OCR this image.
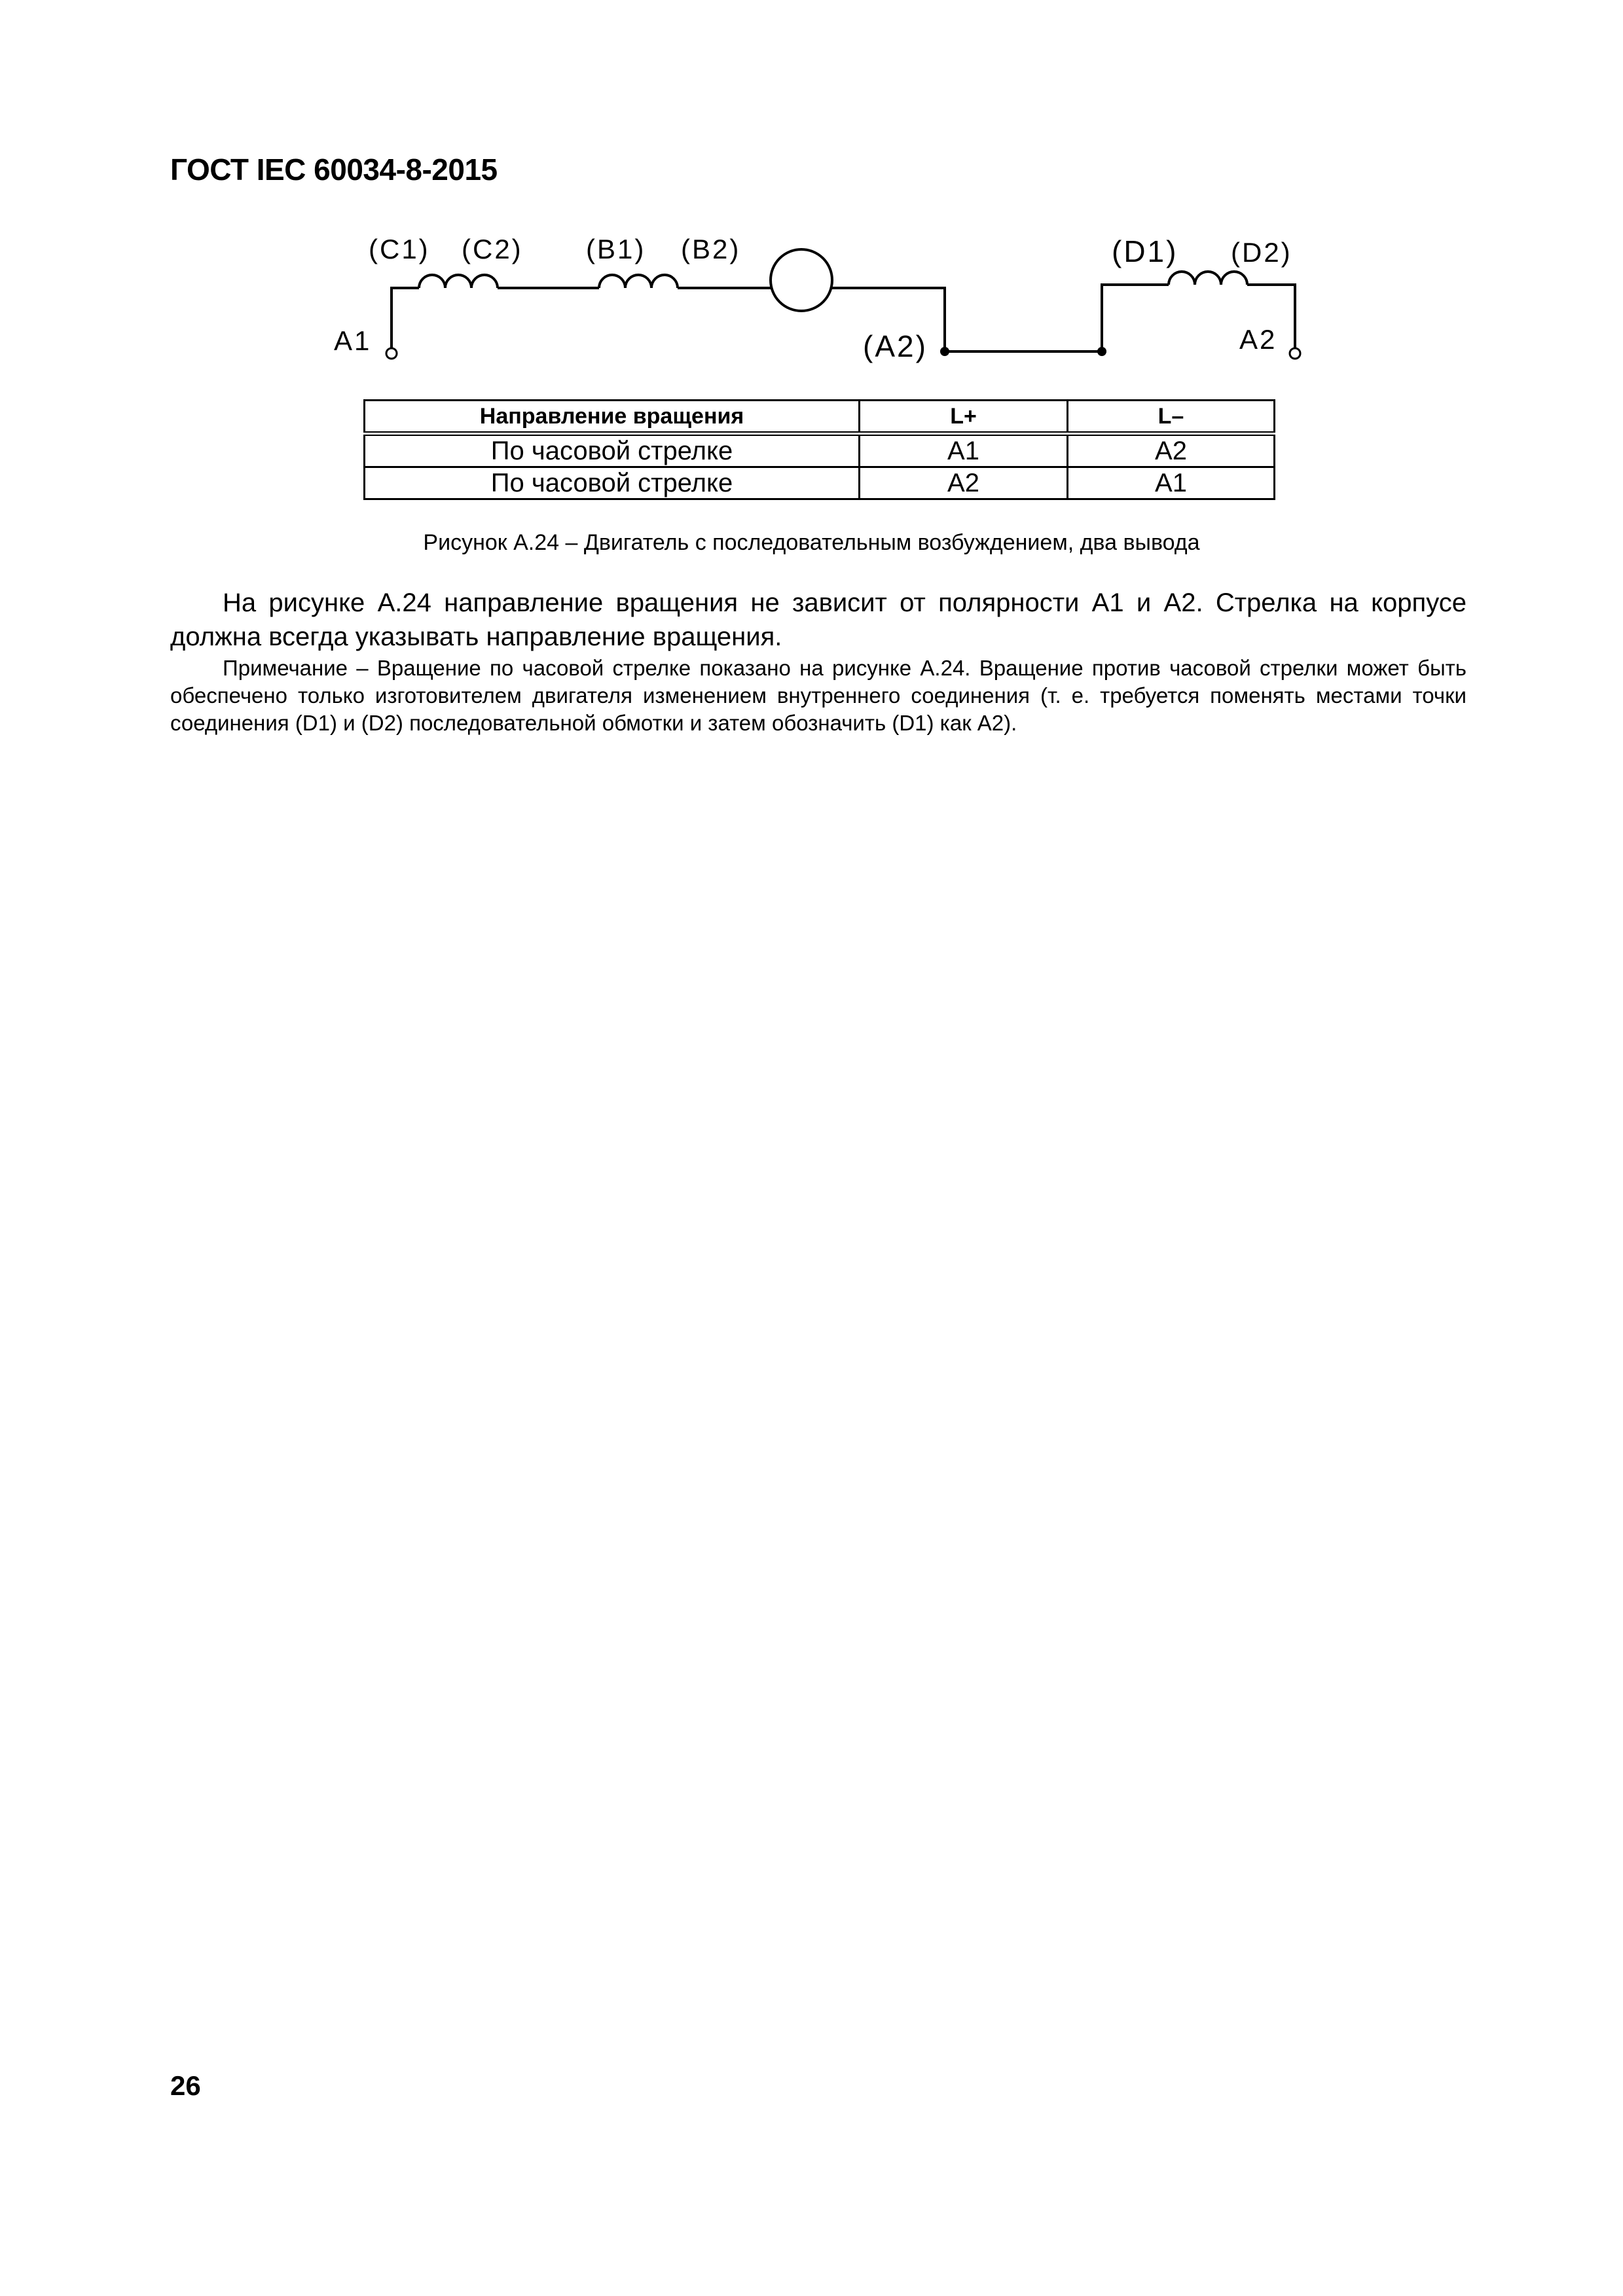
ГОСТ IEC 60034-8-2015
(C1) (C2) (B1) (B2)	(D1) (D2)
A1	(A2)	A2
Направление вращения	L+	L–
По часовой стрелке	A1	A2
По часовой стрелке	A2	A1
Рисунок A.24 – Двигатель с последовательным возбуждением, два вывода

На рисунке А.24 направление вращения не зависит от полярности A1 и A2. Стрелка на корпусе должна всегда указывать направление вращения.

Примечание – Вращение по часовой стрелке показано на рисунке А.24. Вращение против часовой стрелки может быть обеспечено только изготовителем двигателя изменением внутреннего соединения (т. е. требуется поменять местами точки соединения (D1) и (D2) последовательной обмотки и затем обозначить (D1) как A2).

26
